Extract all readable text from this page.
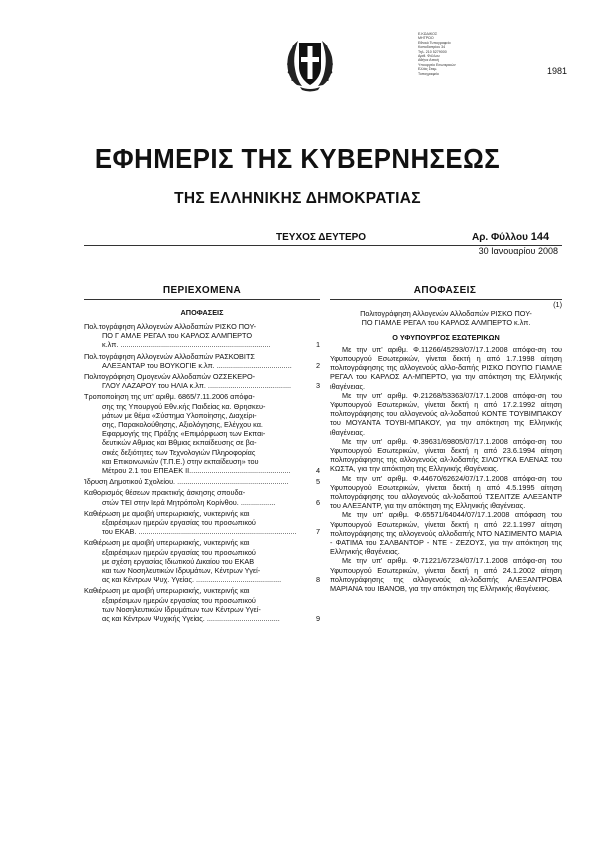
Ε.ΚΩΔΙΚΟΣ
ΜΗΤΡΩΟ
Εθνικό Τυπογραφείο
Καποδιστρίου 34
Τηλ. 210 5279000
Αριθ. Φύλλου
Αθήνα Αττική
Υπουργείο Εσωτερικών
Ελλάς Σταμ.
Τυπογραφείο	1981
ΕΦΗΜΕΡΙΣ ΤΗΣ ΚΥΒΕΡΝΗΣΕΩΣ
ΤΗΣ ΕΛΛΗΝΙΚΗΣ ΔΗΜΟΚΡΑΤΙΑΣ
ΤΕΥΧΟΣ ΔΕΥΤΕΡΟ	Αρ. Φύλλου 144
30 Ιανουαρίου 2008
ΠΕΡΙΕΧΟΜΕΝΑ
ΑΠΟΦΑΣΕΙΣ
Πολ.τογράφηση Αλλογενών Αλλοδαπών ΡΙΣΚΟ ΠΟΥ-
ΠΟ Γ ΑΜΛΕ ΡΕΓΑΛ του ΚΑΡΛΟΣ ΑΛΜΠΕΡΤΟ
κ.λπ. ..........................................................................	1
Πολ.τογράφηση Αλλογενών Αλλοδαπών ΡΑΣΚΟΒΙΤΣ
ΑΛΕΞΑΝΤΑΡ του ΒΟΥΚΟΓΙΕ κ.λπ. .....................................	2
Πολιτογράφηση Ομογενών Αλλοδαπών ΟΖΣΕΚΕΡΟ-
ΓΛΟΥ ΛΑΖΑΡΟΥ του ΗΛΙΑ κ.λπ. .........................................	3
Τροποποίηση της υπ' αριθμ. 6865/7.11.2006 απόφα-
σης της Υπουργού Εθν.κής Παιδείας κα. Θρησκευ-
μάτων με θέμα «Σύστημα Υλοποίησης, Διαχείρι-
σης, Παρακολούθησης, Αξιολόγησης, Ελέγχου κα.
Εφαρμογής της Πράξης «Επιμόρφωση των Εκπαι-
δευτικών Αθμιας και Βθμιας εκπαίδευσης σε βα-
σικές δεξιότητες των Τεχνολογιών Πληροφορίας
και Επικοινωνιών (Τ.Π.Ε.) στην εκπαίδευση» του
Μέτρου 2.1 του ΕΠΕΑΕΚ ΙΙ..................................................	4
Ίδρυση Δημοτικού Σχολείου. .......................................................	5
Καθορισμός θέσεων πρακτικής άσκησης σπουδα-
στών ΤΕΙ στην Ιερά Μητρόπολη Κορίνθου. .................	6
Καθιέρωση με αμοιβή υπερωριακής, νυκτερινής και
εξαιρέσιμων ημερών εργασίας του προσωπικού
του ΕΚΑΒ. ..............................................................................	7
Καθιέρωση με αμοιβή υπερωριακής, νυκτερινής και
εξαιρέσιμων ημερών εργασίας του προσωπικού
με σχέση εργασίας Ιδιωτικού Δικαίου του ΕΚΑΒ
και των Νοσηλευτικών Ιδρυμάτων, Κέντρων Υγεί-
ας και Κέντρων Ψυχ. Υγείας. ..........................................	8
Καθιέρωση με αμοιβή υπερωριακής, νυκτερινής και
εξαιρέσιμων ημερών εργασίας του προσωπικού
των Νοσηλευτικών Ιδρυμάτων των Κέντρων Υγεί-
ας και Κέντρων Ψυχικής Υγείας. ....................................	9
ΑΠΟΦΑΣΕΙΣ
(1)
Πολιτογράφηση Αλλογενών Αλλοδαπών ΡΙΣΚΟ ΠΟΥ-
ΠΟ ΓΙΑΜΛΕ ΡΕΓΑΛ του ΚΑΡΛΟΣ ΑΛΜΠΕΡΤΟ κ.λπ.
Ο ΥΦΥΠΟΥΡΓΟΣ ΕΣΩΤΕΡΙΚΩΝ

Με την υπ' αριθμ. Φ.11266/45293/07/17.1.2008 απόφα-ση του Υφυπουργού Εσωτερικών, γίνεται δεκτή η από 1.7.1998 αίτηση πολιτογράφησης της αλλογενούς αλλο-δαπής ΡΙΣΚΟ ΠΟΥΠΟ ΓΙΑΜΛΕ ΡΕΓΑΛ του ΚΑΡΛΟΣ ΑΛ-ΜΠΕΡΤΟ, για την απόκτηση της Ελληνικής ιθαγένειας.

Με την υπ' αριθμ. Φ.21268/53363/07/17.1.2008 απόφα-ση του Υφυπουργού Εσωτερικών, γίνεται δεκτή η από 17.2.1992 αίτηση πολιτογράφησης του αλλογενούς αλ-λοδαπού ΚΟΝΤΕ ΤΟΥΒΙΜΠΑΚΟΥ του ΜΟΥΑΝΤΑ ΤΟΥΒΙ-ΜΠΑΚΟΥ, για την απόκτηση της Ελληνικής ιθαγένειας.

Με την υπ' αριθμ. Φ.39631/69805/07/17.1.2008 απόφα-ση του Υφυπουργού Εσωτερικών, γίνεται δεκτή η από 23.6.1994 αίτηση πολιτογράφησης της αλλογενούς αλ-λοδαπής ΣΙΛΟΥΓΚΑ ΕΛΕΝΑΣ του ΚΩΣΤΑ, για την απόκτηση της Ελληνικής ιθαγένειας.

Με την υπ' αριθμ. Φ.44670/62624/07/17.1.2008 απόφα-ση του Υφυπουργού Εσωτερικών, γίνεται δεκτή η από 4.5.1995 αίτηση πολιτογράφησης του αλλογενούς αλ-λοδαπού ΤΣΕΛΙΤΖΕ ΑΛΕΞΑΝΤΡ του ΑΛΕΞΑΝΤΡ, για την απόκτηση της Ελληνικής ιθαγένειας.

Με την υπ' αριθμ. Φ.65571/64044/07/17.1.2008 απόφαση του Υφυπουργού Εσωτερικών, γίνεται δεκτή η από 22.1.1997 αίτηση πολιτογράφησης της αλλογενούς αλλοδαπής ΝΤΟ ΝΑΣΙΜΕΝΤΟ ΜΑΡΙΑ - ΦΑΤΙΜΑ του ΣΑΛΒΑΝΤΟΡ - ΝΤΕ - ΖΕΖΟΥΣ, για την απόκτηση της Ελληνικής ιθαγένειας.

Με την υπ' αριθμ. Φ.71221/67234/07/17.1.2008 απόφα-ση του Υφυπουργού Εσωτερικών, γίνεται δεκτή η από 24.1.2002 αίτηση πολιτογράφησης της αλλογενούς αλ-λοδαπής ΑΛΕΞΑΝΤΡΟΒΑ ΜΑΡΙΑΝΑ του ΙΒΑΝΟΒ, για την απόκτηση της Ελληνικής ιθαγένειας.
